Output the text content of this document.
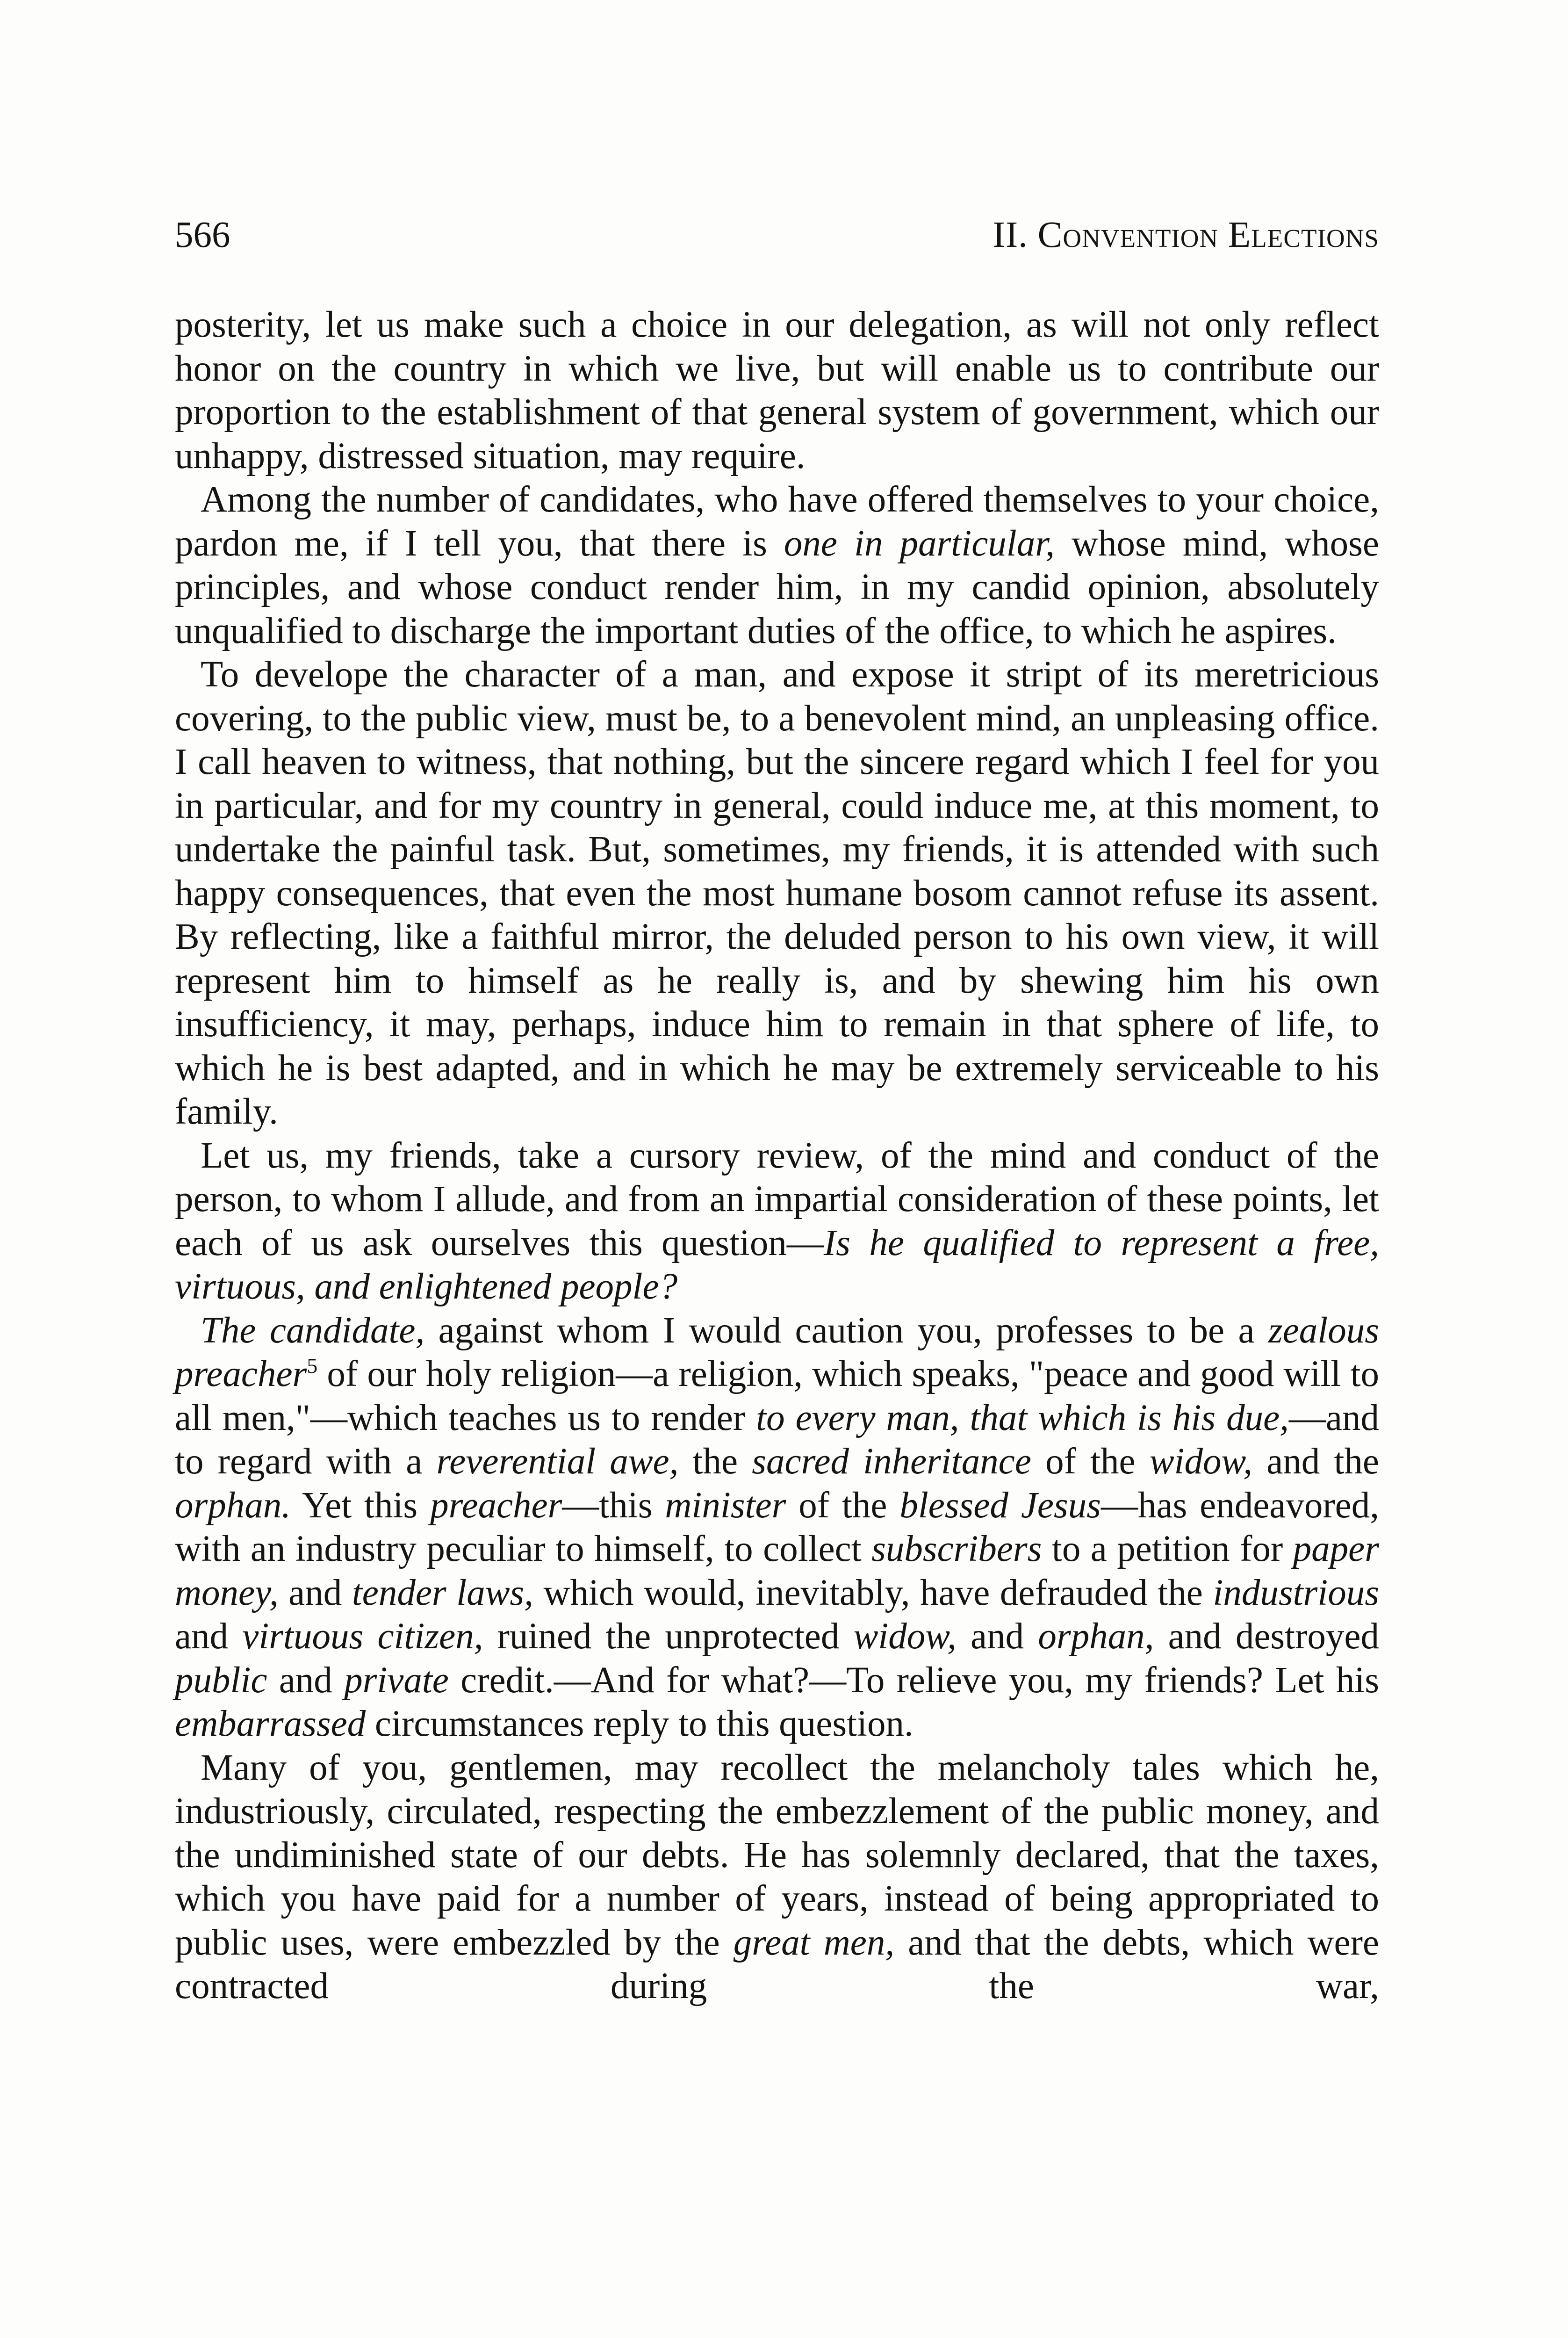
566	II. Convention Elections

posterity, let us make such a choice in our delegation, as will not only reflect honor on the country in which we live, but will enable us to contribute our proportion to the establishment of that general system of government, which our unhappy, distressed situation, may require.

Among the number of candidates, who have offered themselves to your choice, pardon me, if I tell you, that there is one in particular, whose mind, whose principles, and whose conduct render him, in my candid opinion, absolutely unqualified to discharge the important duties of the office, to which he aspires.

To develope the character of a man, and expose it stript of its meretricious covering, to the public view, must be, to a benevolent mind, an unpleasing office. I call heaven to witness, that nothing, but the sincere regard which I feel for you in particular, and for my country in general, could induce me, at this moment, to undertake the painful task. But, sometimes, my friends, it is attended with such happy consequences, that even the most humane bosom cannot refuse its assent. By reflecting, like a faithful mirror, the deluded person to his own view, it will represent him to himself as he really is, and by shewing him his own insufficiency, it may, perhaps, induce him to remain in that sphere of life, to which he is best adapted, and in which he may be extremely serviceable to his family.

Let us, my friends, take a cursory review, of the mind and conduct of the person, to whom I allude, and from an impartial consideration of these points, let each of us ask ourselves this question—Is he qualified to represent a free, virtuous, and enlightened people?

The candidate, against whom I would caution you, professes to be a zealous preacher$^5$ of our holy religion—a religion, which speaks, "peace and good will to all men,"—which teaches us to render to every man, that which is his due,—and to regard with a reverential awe, the sacred inheritance of the widow, and the orphan. Yet this preacher—this minister of the blessed Jesus—has endeavored, with an industry peculiar to himself, to collect subscribers to a petition for paper money, and tender laws, which would, inevitably, have defrauded the industrious and virtuous citizen, ruined the unprotected widow, and orphan, and destroyed public and private credit.—And for what?—To relieve you, my friends? Let his embarrassed circumstances reply to this question.

Many of you, gentlemen, may recollect the melancholy tales which he, industriously, circulated, respecting the embezzlement of the public money, and the undiminished state of our debts. He has solemnly declared, that the taxes, which you have paid for a number of years, instead of being appropriated to public uses, were embezzled by the great men, and that the debts, which were contracted during the war,
